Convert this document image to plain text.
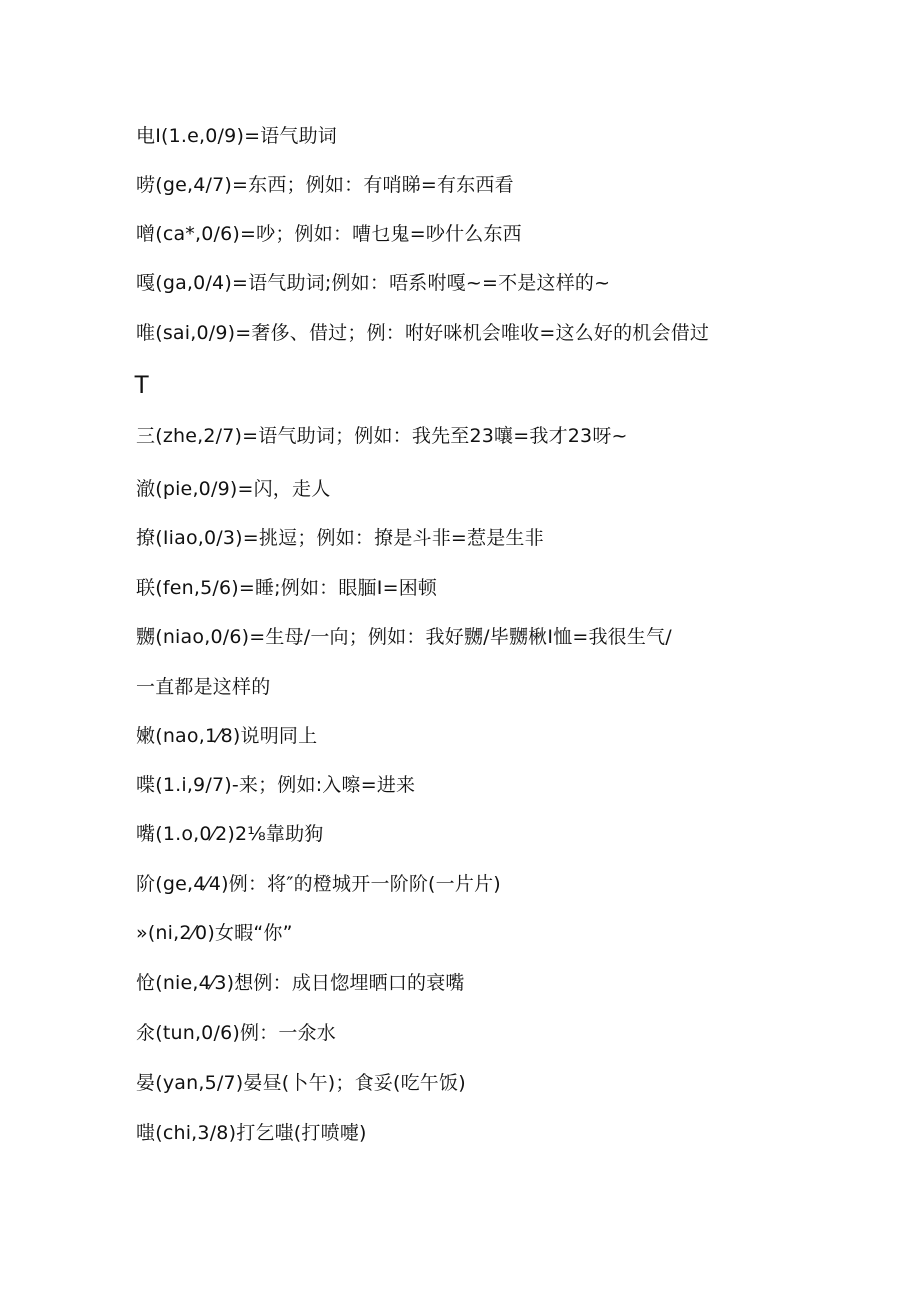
电I(1.e,0/9)=语气助词
唠(ge,4/7)=东西；例如：有哨睇=有东西看
噌(ca*,0/6)=吵；例如：嘈乜鬼=吵什么东西
嘎(ga,0/4)=语气助词;例如：唔系咐嘎~=不是这样的~
唯(sai,0/9)=奢侈、借过；例：咐好咪机会唯收=这么好的机会借过
T
三(zhe,2/7)=语气助词；例如：我先至23嚷=我才23呀~
澈(pie,0/9)=闪，走人
撩(Iiao,0/3)=挑逗；例如：撩是斗非=惹是生非
联(fen,5/6)=睡;例如：眼腼I=困顿
嬲(niao,0/6)=生母/一向；例如：我好嬲/毕嬲楸I恤=我很生气/
一直都是这样的
嫩(nao,1⁄8)说明同上
喋(1.i,9/7)-来；例如:入嚓=进来
嘴(1.o,0⁄2)2⅛靠助狗
阶(ge,4⁄4)例：将″的橙城开一阶阶(一片片)
»(ni,2⁄0)女暇“你”
怆(nie,4⁄3)想例：成日惚埋晒口的衰嘴
氽(tun,0/6)例：一氽水
晏(yan,5/7)晏昼(卜午)；食妥(吃午饭)
嗤(chi,3/8)打乞嗤(打喷嚏)
